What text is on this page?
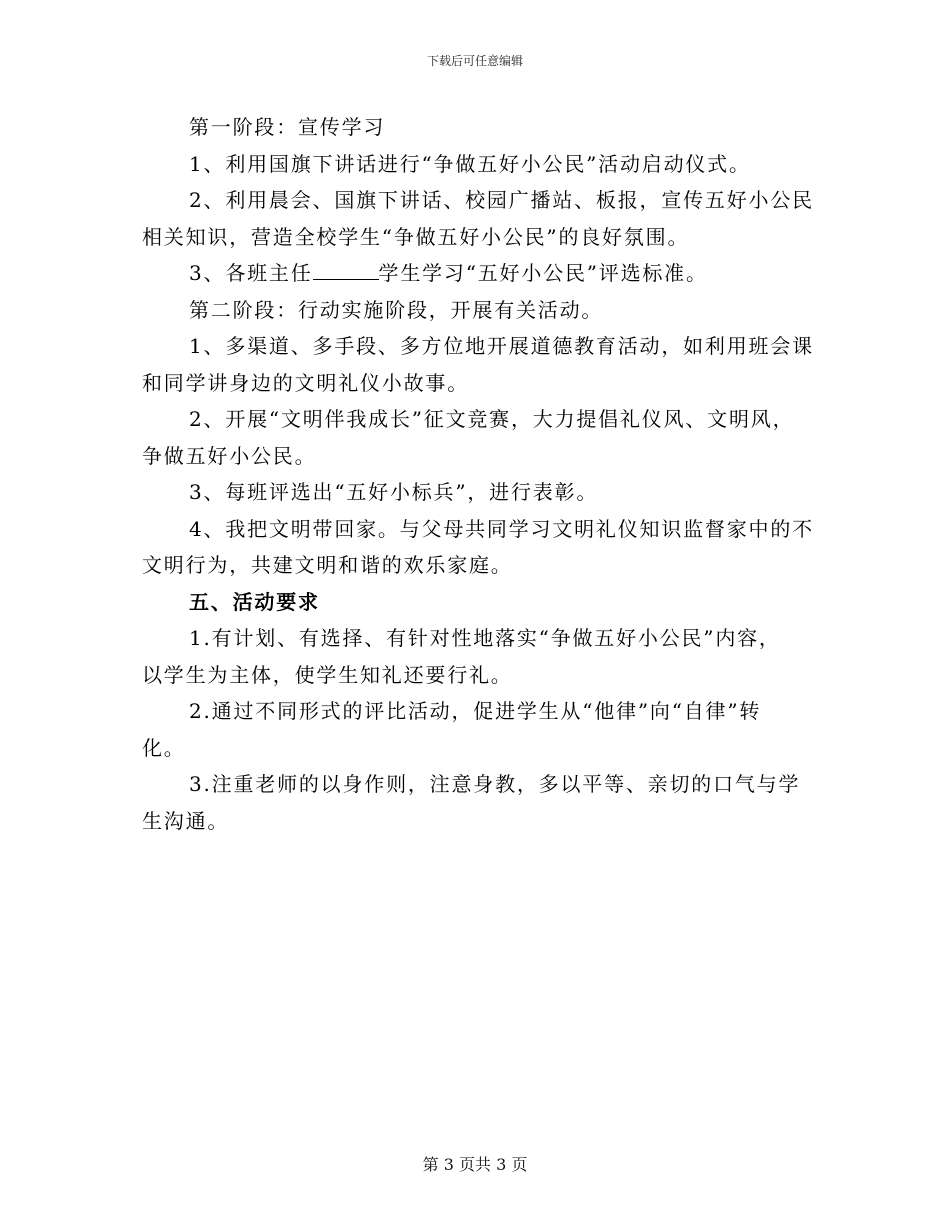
下载后可任意编辑
第一阶段：宣传学习
1、利用国旗下讲话进行“争做五好小公民”活动启动仪式。
2、利用晨会、国旗下讲话、校园广播站、板报，宣传五好小公民
相关知识，营造全校学生“争做五好小公民”的良好氛围。
3、各班主任	学生学习“五好小公民”评选标准。
第二阶段：行动实施阶段，开展有关活动。
1、多渠道、多手段、多方位地开展道德教育活动，如利用班会课
和同学讲身边的文明礼仪小故事。
2、开展“文明伴我成长”征文竞赛，大力提倡礼仪风、文明风，
争做五好小公民。
3、每班评选出“五好小标兵”，进行表彰。
4、我把文明带回家。与父母共同学习文明礼仪知识监督家中的不
文明行为，共建文明和谐的欢乐家庭。
五、活动要求
1.有计划、有选择、有针对性地落实“争做五好小公民”内容，
以学生为主体，使学生知礼还要行礼。
2.通过不同形式的评比活动，促进学生从“他律”向“自律”转
化。
3.注重老师的以身作则，注意身教，多以平等、亲切的口气与学
生沟通。
第 3 页共 3 页
